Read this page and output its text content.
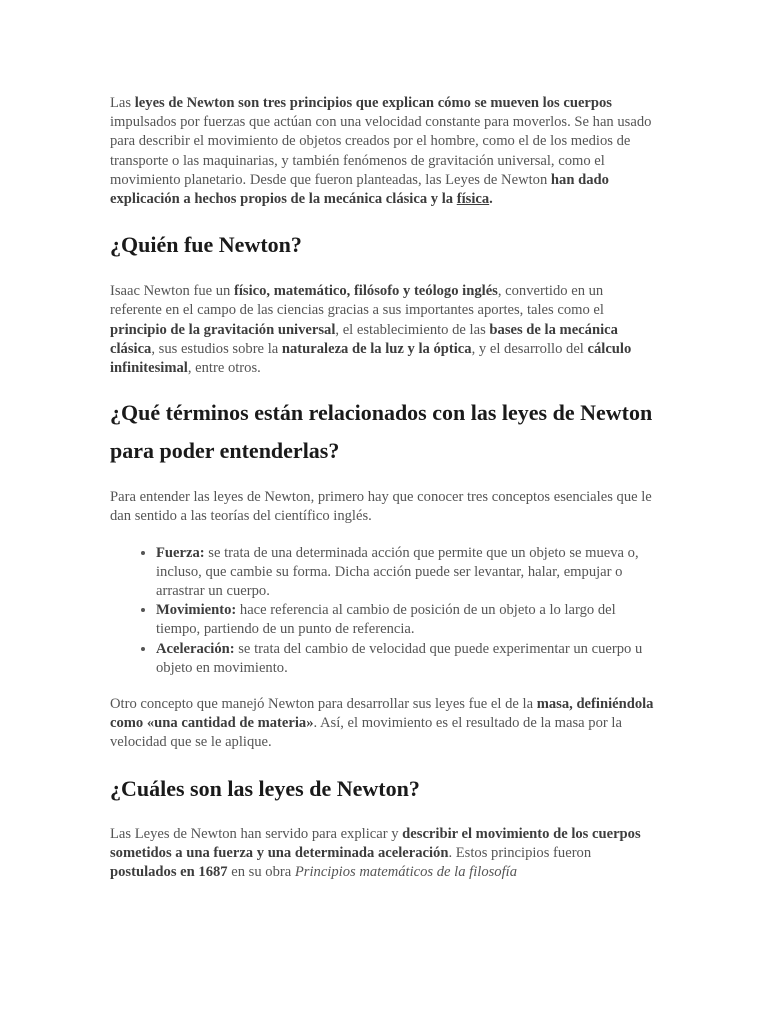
Las leyes de Newton son tres principios que explican cómo se mueven los cuerpos impulsados por fuerzas que actúan con una velocidad constante para moverlos. Se han usado para describir el movimiento de objetos creados por el hombre, como el de los medios de transporte o las maquinarias, y también fenómenos de gravitación universal, como el movimiento planetario. Desde que fueron planteadas, las Leyes de Newton han dado explicación a hechos propios de la mecánica clásica y la física.

¿Quién fue Newton?

Isaac Newton fue un físico, matemático, filósofo y teólogo inglés, convertido en un referente en el campo de las ciencias gracias a sus importantes aportes, tales como el principio de la gravitación universal, el establecimiento de las bases de la mecánica clásica, sus estudios sobre la naturaleza de la luz y la óptica, y el desarrollo del cálculo infinitesimal, entre otros.

¿Qué términos están relacionados con las leyes de Newton para poder entenderlas?

Para entender las leyes de Newton, primero hay que conocer tres conceptos esenciales que le dan sentido a las teorías del científico inglés.

• Fuerza: se trata de una determinada acción que permite que un objeto se mueva o, incluso, que cambie su forma. Dicha acción puede ser levantar, halar, empujar o arrastrar un cuerpo.
• Movimiento: hace referencia al cambio de posición de un objeto a lo largo del tiempo, partiendo de un punto de referencia.
• Aceleración: se trata del cambio de velocidad que puede experimentar un cuerpo u objeto en movimiento.

Otro concepto que manejó Newton para desarrollar sus leyes fue el de la masa, definiéndola como «una cantidad de materia». Así, el movimiento es el resultado de la masa por la velocidad que se le aplique.

¿Cuáles son las leyes de Newton?

Las Leyes de Newton han servido para explicar y describir el movimiento de los cuerpos sometidos a una fuerza y una determinada aceleración. Estos principios fueron postulados en 1687 en su obra Principios matemáticos de la filosofía
